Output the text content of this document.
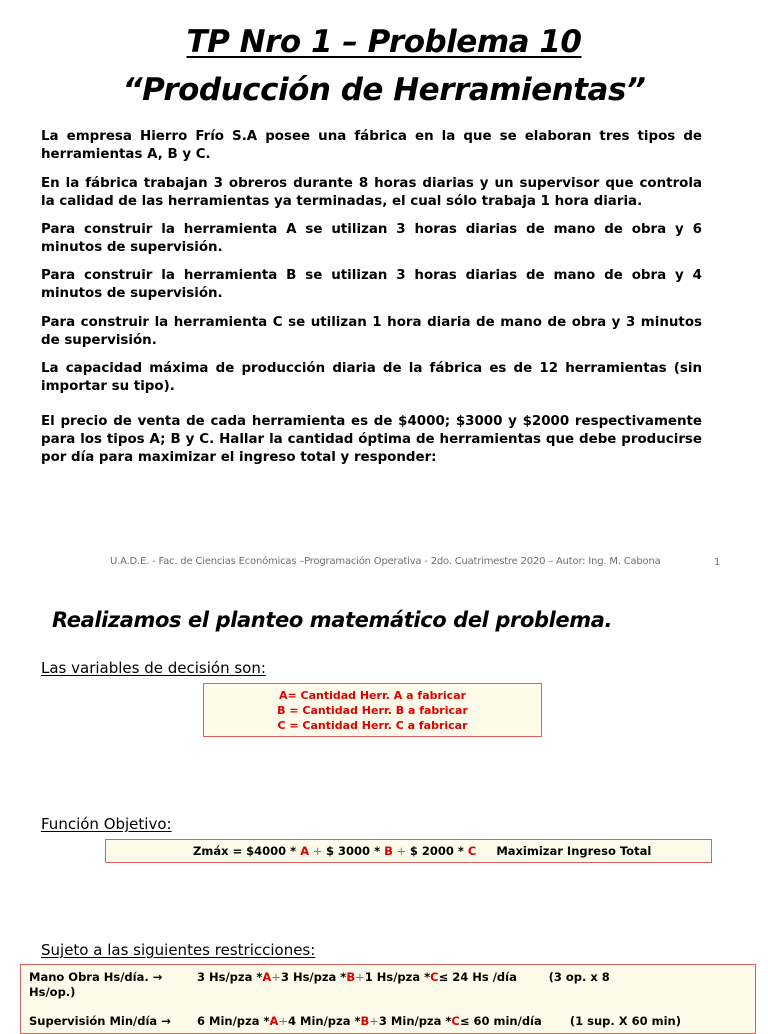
TP Nro 1 – Problema 10
“Producción de Herramientas”

La empresa Hierro Frío S.A posee una fábrica en la que se elaboran tres tipos de herramientas A, B y C.

En la fábrica trabajan 3 obreros durante 8 horas diarias y un supervisor que controla la calidad de las herramientas ya terminadas, el cual sólo trabaja 1 hora diaria.

Para construir la herramienta A se utilizan 3 horas diarias de mano de obra y 6 minutos de supervisión.

Para construir la herramienta B se utilizan 3 horas diarias de mano de obra y 4 minutos de supervisión.

Para construir la herramienta C se utilizan 1 hora diaria de mano de obra y 3 minutos de supervisión.

La capacidad máxima de producción diaria de la fábrica es de 12 herramientas (sin importar su tipo).

El precio de venta de cada herramienta es de $4000; $3000 y $2000 respectivamente para los tipos A; B y C. Hallar la cantidad óptima de herramientas que debe producirse por día para maximizar el ingreso total y responder:

U.A.D.E. - Fac. de Ciencias Económicas –Programación Operativa - 2do. Cuatrimestre 2020 – Autor: Ing. M. Cabona	1
Realizamos el planteo matemático del problema.
Las variables de decisión son:
A= Cantidad Herr. A a fabricar
B = Cantidad Herr. B a fabricar
C = Cantidad Herr. C a fabricar
Función Objetivo:
Zmáx = $4000 * A + $ 3000 * B + $ 2000 * C Maximizar Ingreso Total
Sujeto a las siguientes restricciones:
Mano Obra Hs/día. →	3 Hs/pza *A+3 Hs/pza *B+1 Hs/pza *C≤ 24 Hs /día	(3 op. x 8
Hs/op.)
Supervisión Min/día → 6 Min/pza *A+4 Min/pza *B+3 Min/pza *C≤ 60 min/día (1 sup. X 60 min)
